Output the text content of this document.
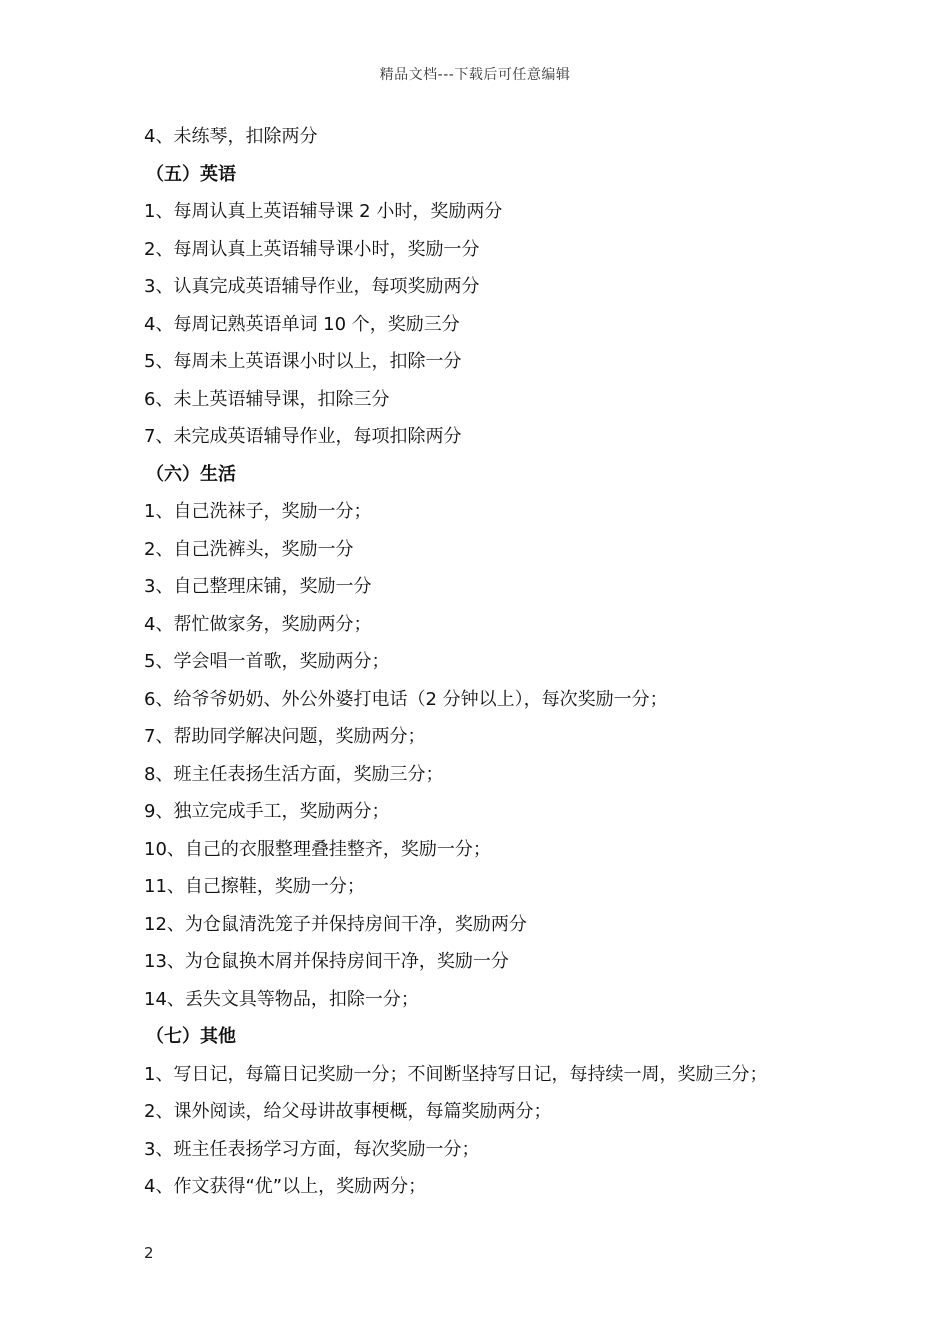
精品文档---下载后可任意编辑
4、未练琴，扣除两分
（五）英语
1、每周认真上英语辅导课 2 小时，奖励两分
2、每周认真上英语辅导课小时，奖励一分
3、认真完成英语辅导作业，每项奖励两分
4、每周记熟英语单词 10 个，奖励三分
5、每周未上英语课小时以上，扣除一分
6、未上英语辅导课，扣除三分
7、未完成英语辅导作业，每项扣除两分
（六）生活
1、自己洗袜子，奖励一分；
2、自己洗裤头，奖励一分
3、自己整理床铺，奖励一分
4、帮忙做家务，奖励两分；
5、学会唱一首歌，奖励两分；
6、给爷爷奶奶、外公外婆打电话（2 分钟以上），每次奖励一分；
7、帮助同学解决问题，奖励两分；
8、班主任表扬生活方面，奖励三分；
9、独立完成手工，奖励两分；
10、自己的衣服整理叠挂整齐，奖励一分；
11、自己擦鞋，奖励一分；
12、为仓鼠清洗笼子并保持房间干净，奖励两分
13、为仓鼠换木屑并保持房间干净，奖励一分
14、丢失文具等物品，扣除一分；
（七）其他
1、写日记，每篇日记奖励一分；不间断坚持写日记，每持续一周，奖励三分；
2、课外阅读，给父母讲故事梗概，每篇奖励两分；
3、班主任表扬学习方面，每次奖励一分；
4、作文获得“优”以上，奖励两分；
2
